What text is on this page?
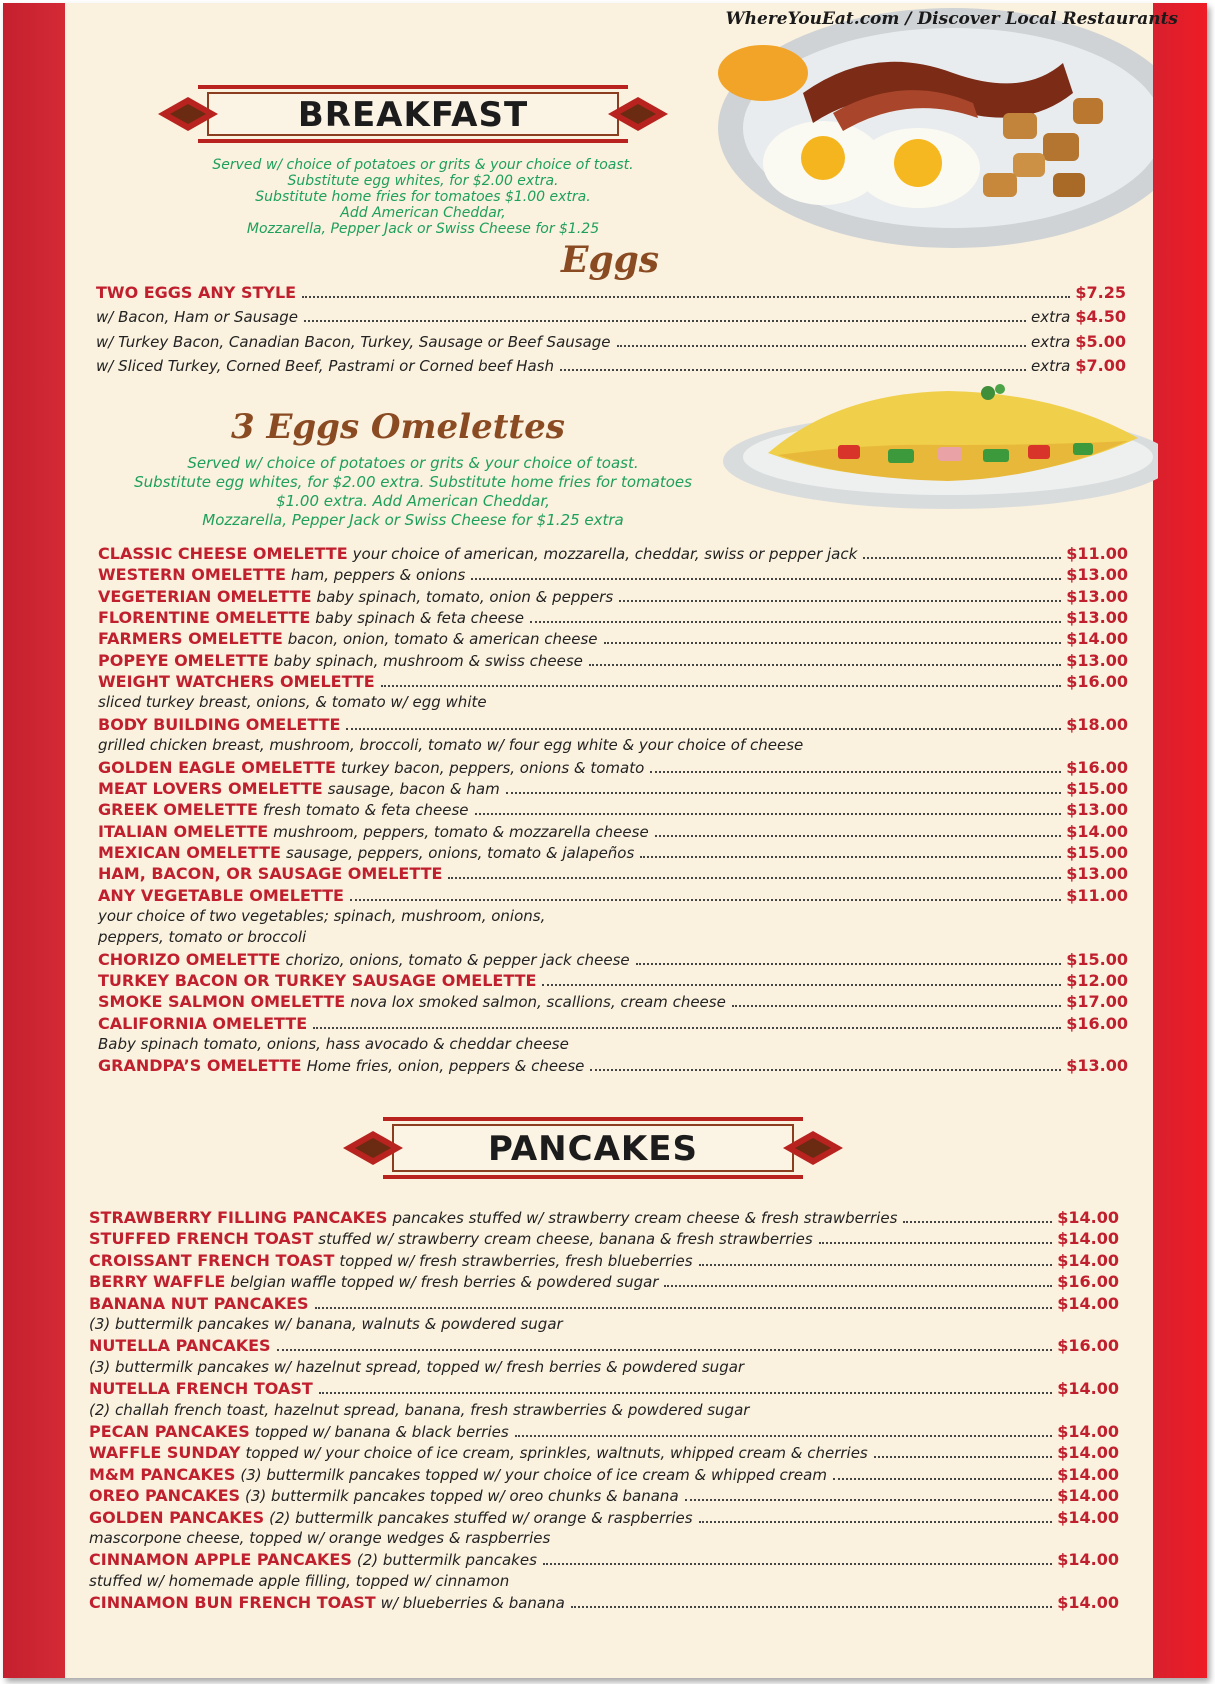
WhereYouEat.com / Discover Local Restaurants
BREAKFAST
Served w/ choice of potatoes or grits & your choice of toast.
Substitute egg whites, for $2.00 extra.
Substitute home fries for tomatoes $1.00 extra.
Add American Cheddar,
Mozzarella, Pepper Jack or Swiss Cheese for $1.25
Eggs
TWO EGGS ANY STYLE	$7.25
w/ Bacon, Ham or Sausage	extra $4.50
w/ Turkey Bacon, Canadian Bacon, Turkey, Sausage or Beef Sausage	extra $5.00
w/ Sliced Turkey, Corned Beef, Pastrami or Corned beef Hash	extra $7.00
3 Eggs Omelettes
Served w/ choice of potatoes or grits & your choice of toast.
Substitute egg whites, for $2.00 extra. Substitute home fries for tomatoes
$1.00 extra. Add American Cheddar,
Mozzarella, Pepper Jack or Swiss Cheese for $1.25 extra
CLASSIC CHEESE OMELETTE your choice of american, mozzarella, cheddar, swiss or pepper jack	$11.00
WESTERN OMELETTE ham, peppers & onions	$13.00
VEGETERIAN OMELETTE baby spinach, tomato, onion & peppers	$13.00
FLORENTINE OMELETTE baby spinach & feta cheese	$13.00
FARMERS OMELETTE bacon, onion, tomato & american cheese	$14.00
POPEYE OMELETTE baby spinach, mushroom & swiss cheese	$13.00
WEIGHT WATCHERS OMELETTE	$16.00
sliced turkey breast, onions, & tomato w/ egg white
BODY BUILDING OMELETTE	$18.00
grilled chicken breast, mushroom, broccoli, tomato w/ four egg white & your choice of cheese
GOLDEN EAGLE OMELETTE turkey bacon, peppers, onions & tomato	$16.00
MEAT LOVERS OMELETTE sausage, bacon & ham	$15.00
GREEK OMELETTE fresh tomato & feta cheese	$13.00
ITALIAN OMELETTE mushroom, peppers, tomato & mozzarella cheese	$14.00
MEXICAN OMELETTE sausage, peppers, onions, tomato & jalapeños	$15.00
HAM, BACON, OR SAUSAGE OMELETTE	$13.00
ANY VEGETABLE OMELETTE	$11.00
your choice of two vegetables; spinach, mushroom, onions,
peppers, tomato or broccoli
CHORIZO OMELETTE chorizo, onions, tomato & pepper jack cheese	$15.00
TURKEY BACON OR TURKEY SAUSAGE OMELETTE	$12.00
SMOKE SALMON OMELETTE nova lox smoked salmon, scallions, cream cheese	$17.00
CALIFORNIA OMELETTE	$16.00
Baby spinach tomato, onions, hass avocado & cheddar cheese
GRANDPA’S OMELETTE Home fries, onion, peppers & cheese	$13.00
PANCAKES
STRAWBERRY FILLING PANCAKES pancakes stuffed w/ strawberry cream cheese & fresh strawberries	$14.00
STUFFED FRENCH TOAST stuffed w/ strawberry cream cheese, banana & fresh strawberries	$14.00
CROISSANT FRENCH TOAST topped w/ fresh strawberries, fresh blueberries	$14.00
BERRY WAFFLE belgian waffle topped w/ fresh berries & powdered sugar	$16.00
BANANA NUT PANCAKES	$14.00
(3) buttermilk pancakes w/ banana, walnuts & powdered sugar
NUTELLA PANCAKES	$16.00
(3) buttermilk pancakes w/ hazelnut spread, topped w/ fresh berries & powdered sugar
NUTELLA FRENCH TOAST	$14.00
(2) challah french toast, hazelnut spread, banana, fresh strawberries & powdered sugar
PECAN PANCAKES topped w/ banana & black berries	$14.00
WAFFLE SUNDAY topped w/ your choice of ice cream, sprinkles, waltnuts, whipped cream & cherries	$14.00
M&M PANCAKES (3) buttermilk pancakes topped w/ your choice of ice cream & whipped cream	$14.00
OREO PANCAKES (3) buttermilk pancakes topped w/ oreo chunks & banana	$14.00
GOLDEN PANCAKES (2) buttermilk pancakes stuffed w/ orange & raspberries	$14.00
mascorpone cheese, topped w/ orange wedges & raspberries
CINNAMON APPLE PANCAKES (2) buttermilk pancakes	$14.00
stuffed w/ homemade apple filling, topped w/ cinnamon
CINNAMON BUN FRENCH TOAST w/ blueberries & banana	$14.00
